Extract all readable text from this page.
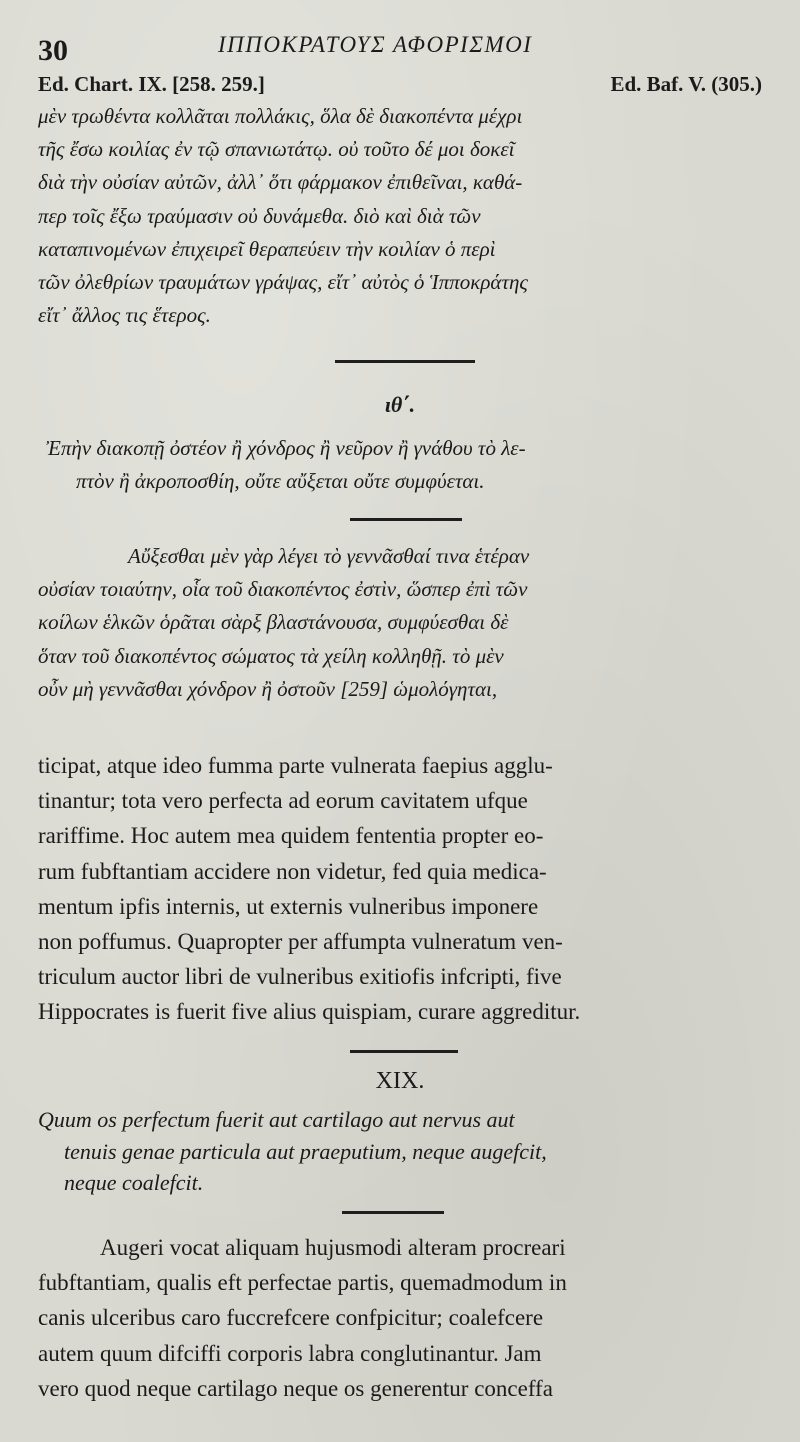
30	ΙΠΠΟΚΡΑΤΟΥΣ ΑΦΟΡΙΣΜΟΙ
Ed. Chart. IX. [258. 259.]	Ed. Baf. V. (305.)

μὲν τρωθέντα κολλᾶται πολλάκις, ὅλα δὲ διακοπέντα μέχρι

τῆς ἔσω κοιλίας ἐν τῷ σπανιωτάτῳ. οὐ τοῦτο δέ μοι δοκεῖ

διὰ τὴν οὐσίαν αὐτῶν, ἀλλ᾽ ὅτι φάρμακον ἐπιθεῖναι, καθά-

περ τοῖς ἔξω τραύμασιν οὐ δυνάμεθα. διὸ καὶ διὰ τῶν

καταπινομένων ἐπιχειρεῖ θεραπεύειν τὴν κοιλίαν ὁ περὶ

τῶν ὀλεθρίων τραυμάτων γράψας, εἴτ᾽ αὐτὸς ὁ Ἱπποκράτης

εἴτ᾽ ἄλλος τις ἕτερος.

ιθ΄.

Ἐπὴν διακοπῇ ὀστέον ἢ χόνδρος ἢ νεῦρον ἢ γνάθου τὸ λε-

πτὸν ἢ ἀκροποσθίη, οὔτε αὔξεται οὔτε συμφύεται.

Αὔξεσθαι μὲν γὰρ λέγει τὸ γεννᾶσθαί τινα ἑτέραν

οὐσίαν τοιαύτην, οἷα τοῦ διακοπέντος ἐστὶν, ὥσπερ ἐπὶ τῶν

κοίλων ἑλκῶν ὁρᾶται σὰρξ βλαστάνουσα, συμφύεσθαι δὲ

ὅταν τοῦ διακοπέντος σώματος τὰ χείλη κολληθῇ. τὸ μὲν

οὖν μὴ γεννᾶσθαι χόνδρον ἢ ὀστοῦν [259] ὡμολόγηται,

ticipat, atque ideo fumma parte vulnerata faepius agglu-

tinantur; tota vero perfecta ad eorum cavitatem ufque

rariffime. Hoc autem mea quidem fententia propter eo-

rum fubftantiam accidere non videtur, fed quia medica-

mentum ipfis internis, ut externis vulneribus imponere

non poffumus. Quapropter per affumpta vulneratum ven-

triculum auctor libri de vulneribus exitiofis infcripti, five

Hippocrates is fuerit five alius quispiam, curare aggreditur.

XIX.

Quum os perfectum fuerit aut cartilago aut nervus aut

tenuis genae particula aut praeputium, neque augefcit,

neque coalefcit.

Augeri vocat aliquam hujusmodi alteram procreari

fubftantiam, qualis eft perfectae partis, quemadmodum in

canis ulceribus caro fuccrefcere confpicitur; coalefcere

autem quum difciffi corporis labra conglutinantur. Jam

vero quod neque cartilago neque os generentur conceffa
